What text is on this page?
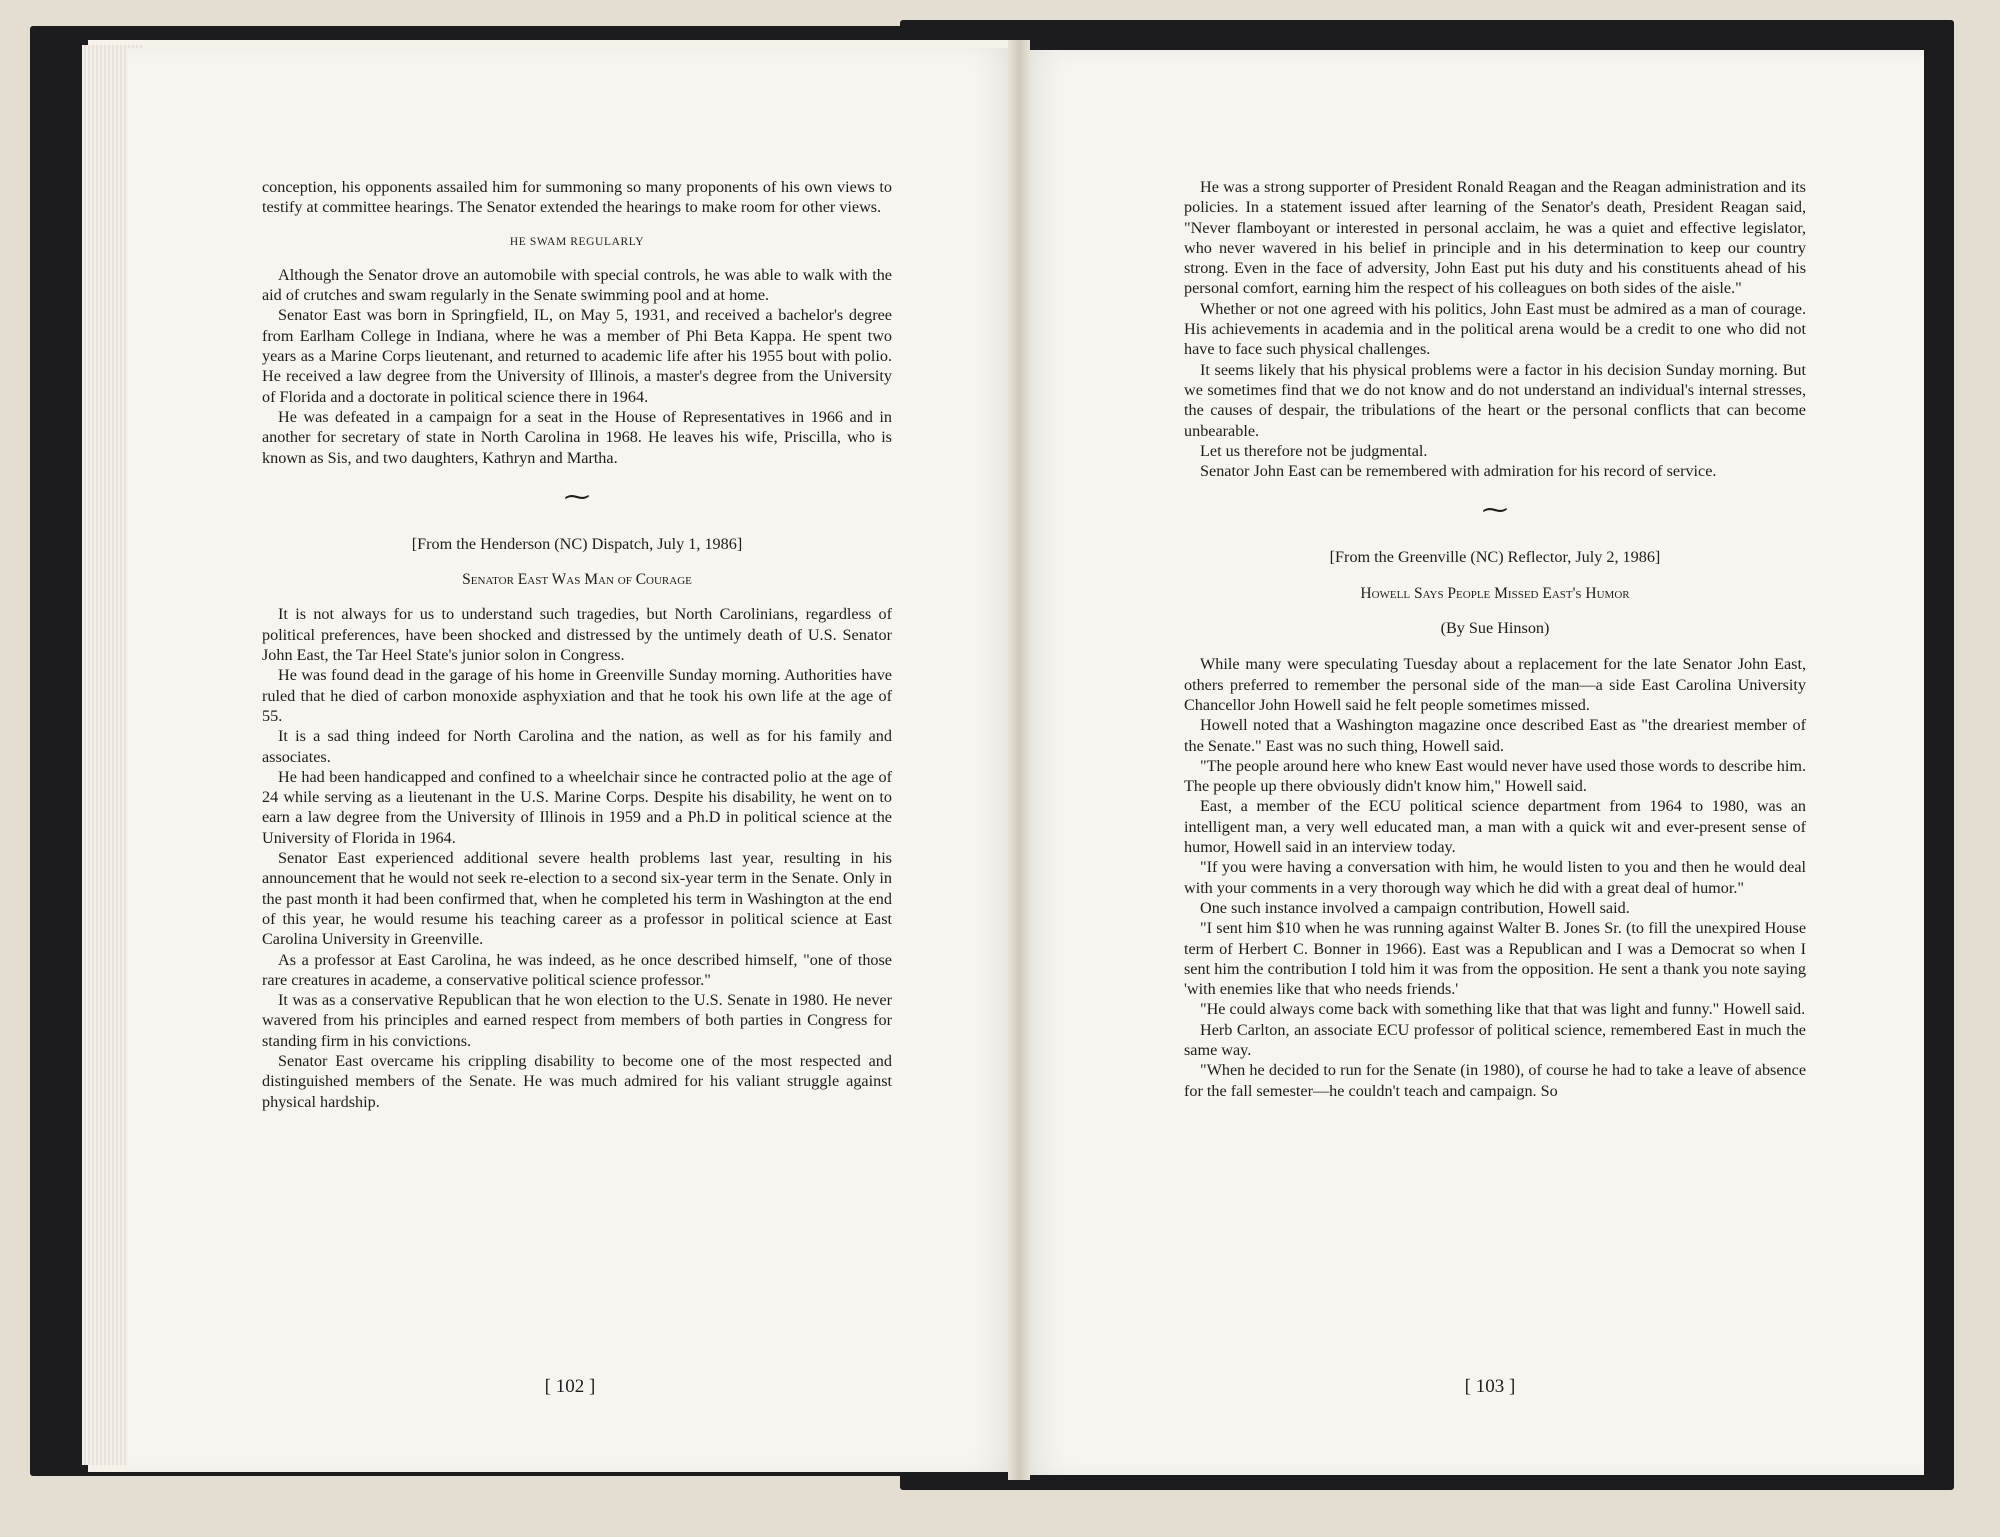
conception, his opponents assailed him for summoning so many proponents of his own views to testify at committee hearings. The Senator extended the hearings to make room for other views.

HE SWAM REGULARLY

Although the Senator drove an automobile with special controls, he was able to walk with the aid of crutches and swam regularly in the Senate swimming pool and at home.

Senator East was born in Springfield, IL, on May 5, 1931, and received a bachelor's degree from Earlham College in Indiana, where he was a member of Phi Beta Kappa. He spent two years as a Marine Corps lieutenant, and returned to academic life after his 1955 bout with polio. He received a law degree from the University of Illinois, a master's degree from the University of Florida and a doctorate in political science there in 1964.

He was defeated in a campaign for a seat in the House of Representatives in 1966 and in another for secretary of state in North Carolina in 1968. He leaves his wife, Priscilla, who is known as Sis, and two daughters, Kathryn and Martha.

⁓
[From the Henderson (NC) Dispatch, July 1, 1986]
Senator East Was Man of Courage

It is not always for us to understand such tragedies, but North Carolinians, regardless of political preferences, have been shocked and distressed by the untimely death of U.S. Senator John East, the Tar Heel State's junior solon in Congress.

He was found dead in the garage of his home in Greenville Sunday morning. Authorities have ruled that he died of carbon monoxide asphyxiation and that he took his own life at the age of 55.

It is a sad thing indeed for North Carolina and the nation, as well as for his family and associates.

He had been handicapped and confined to a wheelchair since he contracted polio at the age of 24 while serving as a lieutenant in the U.S. Marine Corps. Despite his disability, he went on to earn a law degree from the University of Illinois in 1959 and a Ph.D in political science at the University of Florida in 1964.

Senator East experienced additional severe health problems last year, resulting in his announcement that he would not seek re-election to a second six-year term in the Senate. Only in the past month it had been confirmed that, when he completed his term in Washington at the end of this year, he would resume his teaching career as a professor in political science at East Carolina University in Greenville.

As a professor at East Carolina, he was indeed, as he once described himself, "one of those rare creatures in academe, a conservative political science professor."

It was as a conservative Republican that he won election to the U.S. Senate in 1980. He never wavered from his principles and earned respect from members of both parties in Congress for standing firm in his convictions.

Senator East overcame his crippling disability to become one of the most respected and distinguished members of the Senate. He was much admired for his valiant struggle against physical hardship.

[ 102 ]

He was a strong supporter of President Ronald Reagan and the Reagan administration and its policies. In a statement issued after learning of the Senator's death, President Reagan said, "Never flamboyant or interested in personal acclaim, he was a quiet and effective legislator, who never wavered in his belief in principle and in his determination to keep our country strong. Even in the face of adversity, John East put his duty and his constituents ahead of his personal comfort, earning him the respect of his colleagues on both sides of the aisle."

Whether or not one agreed with his politics, John East must be admired as a man of courage. His achievements in academia and in the political arena would be a credit to one who did not have to face such physical challenges.

It seems likely that his physical problems were a factor in his decision Sunday morning. But we sometimes find that we do not know and do not understand an individual's internal stresses, the causes of despair, the tribulations of the heart or the personal conflicts that can become unbearable.

Let us therefore not be judgmental.

Senator John East can be remembered with admiration for his record of service.

⁓
[From the Greenville (NC) Reflector, July 2, 1986]
Howell Says People Missed East's Humor
(By Sue Hinson)

While many were speculating Tuesday about a replacement for the late Senator John East, others preferred to remember the personal side of the man—a side East Carolina University Chancellor John Howell said he felt people sometimes missed.

Howell noted that a Washington magazine once described East as "the dreariest member of the Senate." East was no such thing, Howell said.

"The people around here who knew East would never have used those words to describe him. The people up there obviously didn't know him," Howell said.

East, a member of the ECU political science department from 1964 to 1980, was an intelligent man, a very well educated man, a man with a quick wit and ever-present sense of humor, Howell said in an interview today.

"If you were having a conversation with him, he would listen to you and then he would deal with your comments in a very thorough way which he did with a great deal of humor."

One such instance involved a campaign contribution, Howell said.

"I sent him $10 when he was running against Walter B. Jones Sr. (to fill the unexpired House term of Herbert C. Bonner in 1966). East was a Republican and I was a Democrat so when I sent him the contribution I told him it was from the opposition. He sent a thank you note saying 'with enemies like that who needs friends.'

"He could always come back with something like that that was light and funny." Howell said.

Herb Carlton, an associate ECU professor of political science, remembered East in much the same way.

"When he decided to run for the Senate (in 1980), of course he had to take a leave of absence for the fall semester—he couldn't teach and campaign. So

[ 103 ]
